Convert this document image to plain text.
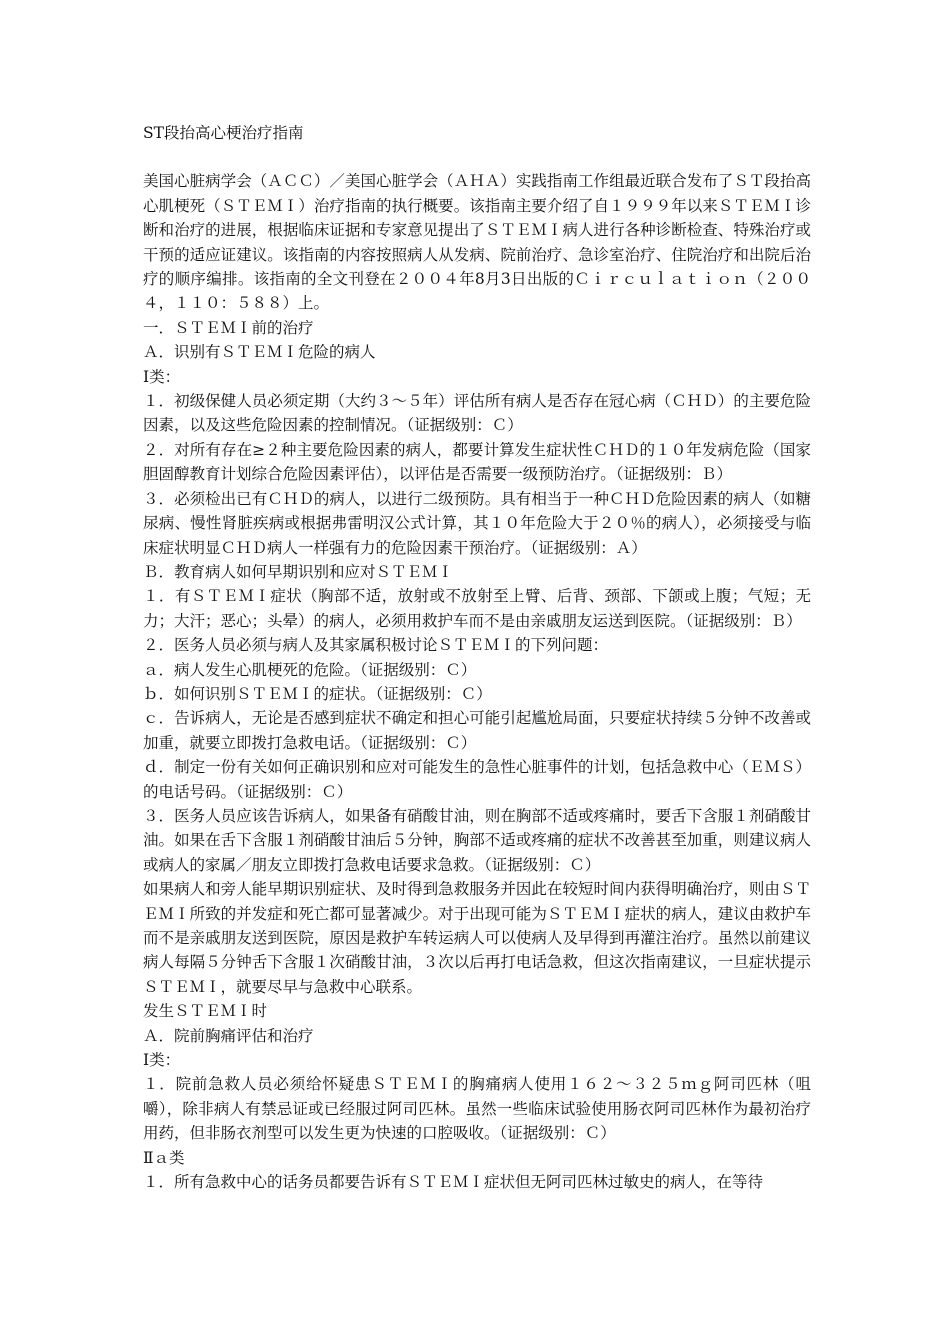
ST段抬高心梗治疗指南

美国心脏病学会（ＡＣＣ）／美国心脏学会（ＡＨＡ）实践指南工作组最近联合发布了ＳＴ段抬高心肌梗死（ＳＴＥＭＩ）治疗指南的执行概要。该指南主要介绍了自１９９９年以来ＳＴＥＭＩ诊断和治疗的进展，根据临床证据和专家意见提出了ＳＴＥＭＩ病人进行各种诊断检查、特殊治疗或干预的适应证建议。该指南的内容按照病人从发病、院前治疗、急诊室治疗、住院治疗和出院后治疗的顺序编排。该指南的全文刊登在２００４年8月3日出版的Ｃｉｒｃｕｌａｔｉｏｎ（２００４，１１０：５８８）上。

一．ＳＴＥＭＩ前的治疗

Ａ．识别有ＳＴＥＭＩ危险的病人

Ⅰ类：

１．初级保健人员必须定期（大约３～５年）评估所有病人是否存在冠心病（ＣＨＤ）的主要危险因素，以及这些危险因素的控制情况。（证据级别：Ｃ）

２．对所有存在≥２种主要危险因素的病人，都要计算发生症状性ＣＨＤ的１０年发病危险（国家胆固醇教育计划综合危险因素评估），以评估是否需要一级预防治疗。（证据级别：Ｂ）

３．必须检出已有ＣＨＤ的病人，以进行二级预防。具有相当于一种ＣＨＤ危险因素的病人（如糖尿病、慢性肾脏疾病或根据弗雷明汉公式计算，其１０年危险大于２０％的病人），必须接受与临床症状明显ＣＨＤ病人一样强有力的危险因素干预治疗。（证据级别：Ａ）

Ｂ．教育病人如何早期识别和应对ＳＴＥＭＩ

１．有ＳＴＥＭＩ症状（胸部不适，放射或不放射至上臂、后背、颈部、下颌或上腹；气短；无力；大汗；恶心；头晕）的病人，必须用救护车而不是由亲戚朋友运送到医院。（证据级别：Ｂ）

２．医务人员必须与病人及其家属积极讨论ＳＴＥＭＩ的下列问题：

ａ．病人发生心肌梗死的危险。（证据级别：Ｃ）

ｂ．如何识别ＳＴＥＭＩ的症状。（证据级别：Ｃ）

ｃ．告诉病人，无论是否感到症状不确定和担心可能引起尴尬局面，只要症状持续５分钟不改善或加重，就要立即拨打急救电话。（证据级别：Ｃ）

ｄ．制定一份有关如何正确识别和应对可能发生的急性心脏事件的计划，包括急救中心（ＥＭＳ）的电话号码。（证据级别：Ｃ）

３．医务人员应该告诉病人，如果备有硝酸甘油，则在胸部不适或疼痛时，要舌下含服１剂硝酸甘油。如果在舌下含服１剂硝酸甘油后５分钟，胸部不适或疼痛的症状不改善甚至加重，则建议病人或病人的家属／朋友立即拨打急救电话要求急救。（证据级别：Ｃ）

如果病人和旁人能早期识别症状、及时得到急救服务并因此在较短时间内获得明确治疗，则由ＳＴＥＭＩ所致的并发症和死亡都可显著减少。对于出现可能为ＳＴＥＭＩ症状的病人，建议由救护车而不是亲戚朋友送到医院，原因是救护车转运病人可以使病人及早得到再灌注治疗。虽然以前建议病人每隔５分钟舌下含服１次硝酸甘油，３次以后再打电话急救，但这次指南建议，一旦症状提示ＳＴＥＭＩ，就要尽早与急救中心联系。

发生ＳＴＥＭＩ时

Ａ．院前胸痛评估和治疗

Ⅰ类：

１．院前急救人员必须给怀疑患ＳＴＥＭＩ的胸痛病人使用１６２～３２５ｍｇ阿司匹林（咀嚼），除非病人有禁忌证或已经服过阿司匹林。虽然一些临床试验使用肠衣阿司匹林作为最初治疗用药，但非肠衣剂型可以发生更为快速的口腔吸收。（证据级别：Ｃ）

Ⅱａ类

１．所有急救中心的话务员都要告诉有ＳＴＥＭＩ症状但无阿司匹林过敏史的病人，在等待
